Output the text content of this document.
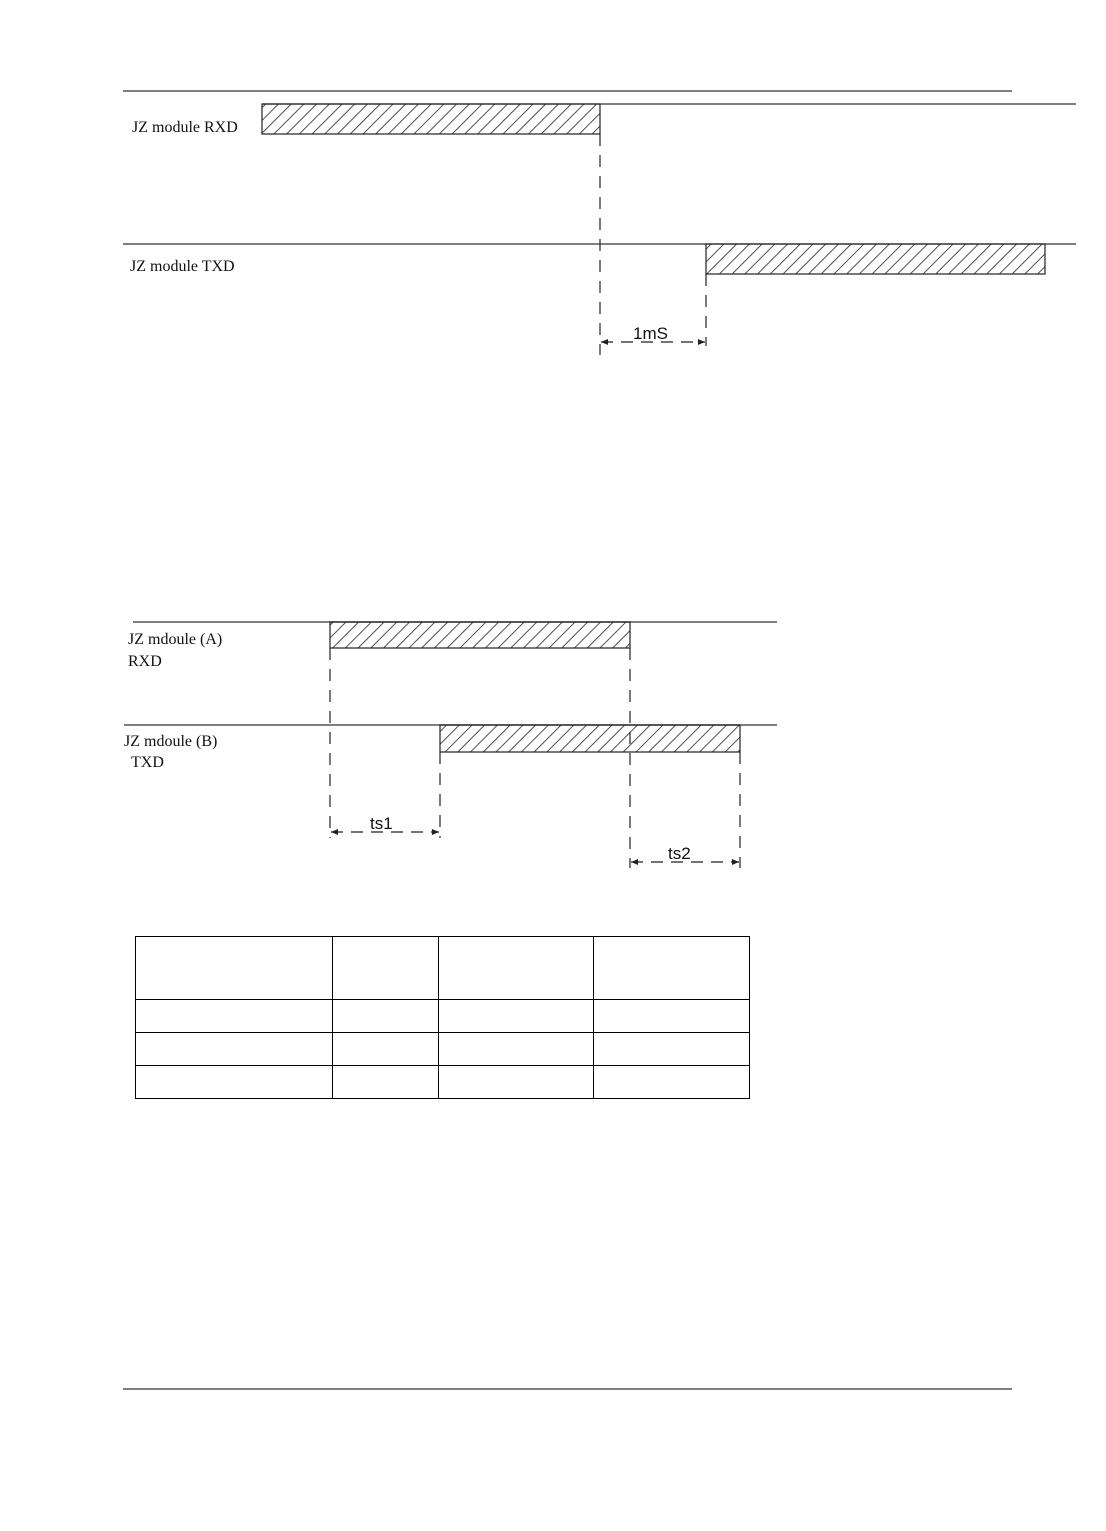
JZ module RXD
JZ module TXD
1mS
JZ mdoule (A)
RXD
JZ mdoule (B)
TXD
ts1
ts2
